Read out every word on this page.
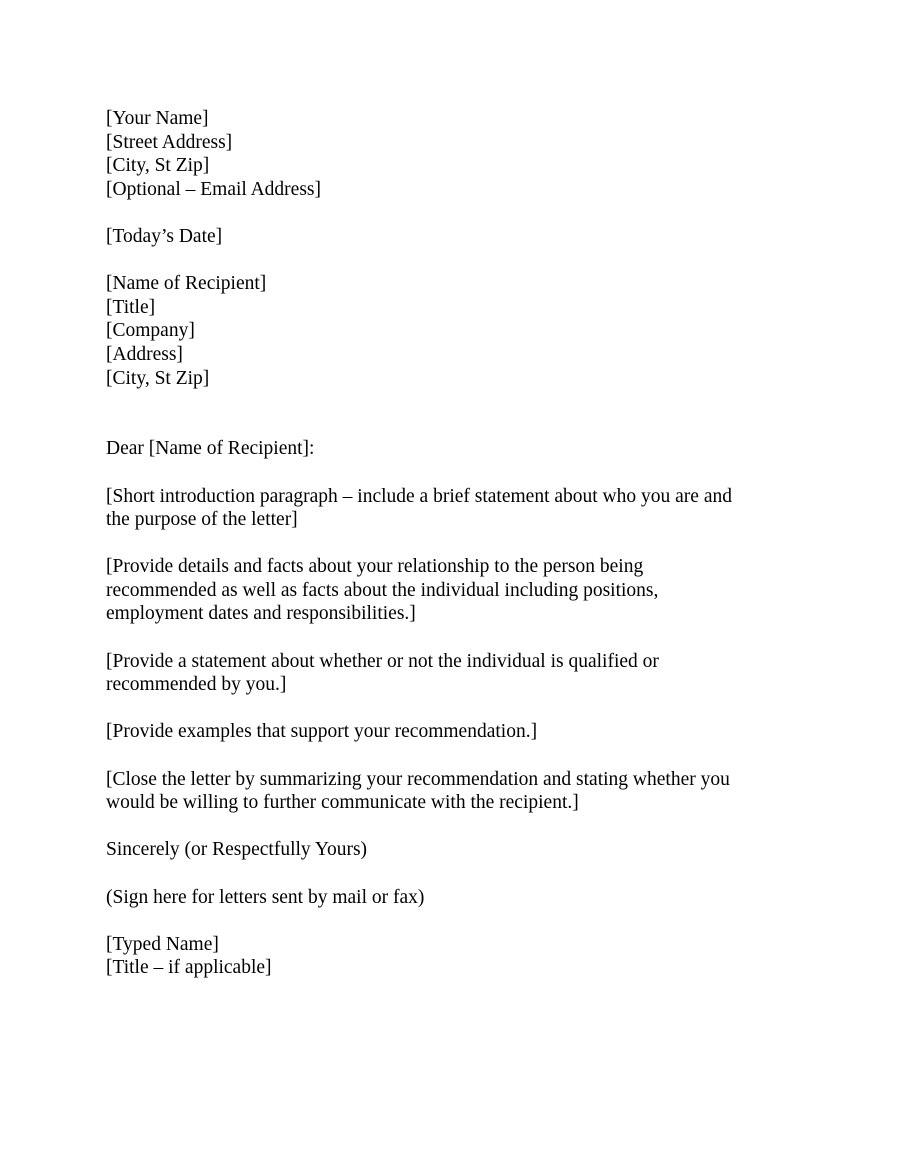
[Your Name]
[Street Address]
[City, St Zip]
[Optional – Email Address]
[Today’s Date]
[Name of Recipient]
[Title]
[Company]
[Address]
[City, St Zip]
Dear [Name of Recipient]:
[Short introduction paragraph – include a brief statement about who you are and
the purpose of the letter]
[Provide details and facts about your relationship to the person being
recommended as well as facts about the individual including positions,
employment dates and responsibilities.]
[Provide a statement about whether or not the individual is qualified or
recommended by you.]
[Provide examples that support your recommendation.]
[Close the letter by summarizing your recommendation and stating whether you
would be willing to further communicate with the recipient.]
Sincerely (or Respectfully Yours)
(Sign here for letters sent by mail or fax)
[Typed Name]
[Title – if applicable]
